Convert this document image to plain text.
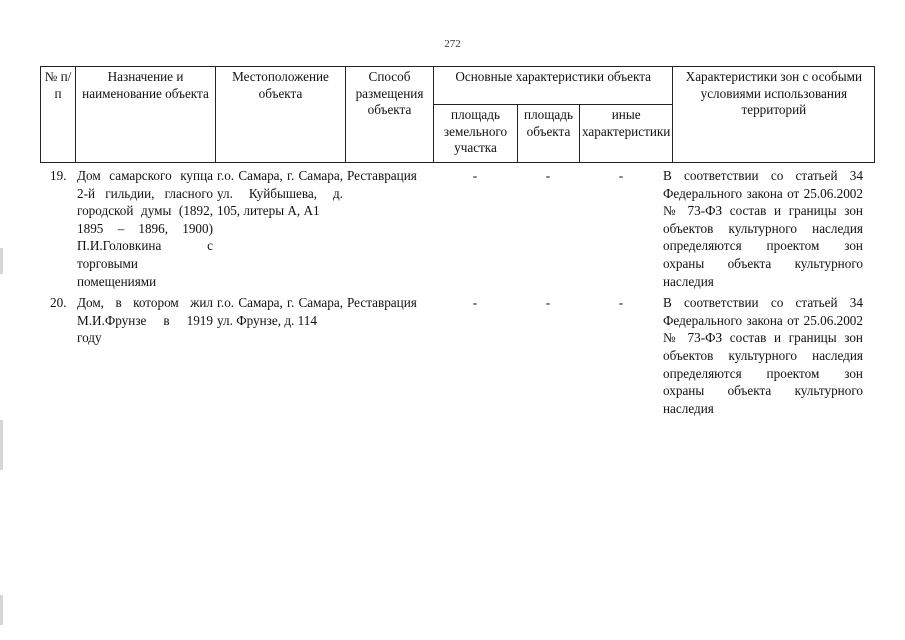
272
№ п/п	Назначение и наименование объекта	Местоположение объекта	Способ размещения объекта	Основные характеристики объекта			Характеристики зон с особыми условиями использования территорий
				площадь земельного участка	площадь объекта	иные характеристики	
19.	Дом самарского купца 2-й гильдии, гласного городской думы (1892, 1895 – 1896, 1900) П.И.Головкина с торговыми помещениями	г.о. Самара, г. Самара, ул. Куйбышева, д. 105, литеры А, А1	Реставрация	-	-	-	В соответствии со статьей 34 Федерального закона от 25.06.2002 № 73-ФЗ состав и границы зон объектов культурного наследия определяются проектом зон охраны объекта культурного наследия

20.	Дом, в котором жил М.И.Фрунзе в 1919 году	г.о. Самара, г. Самара, ул. Фрунзе, д. 114	Реставрация	-	-	-	В соответствии со статьей 34 Федерального закона от 25.06.2002 № 73-ФЗ состав и границы зон объектов культурного наследия определяются проектом зон охраны объекта культурного наследия
